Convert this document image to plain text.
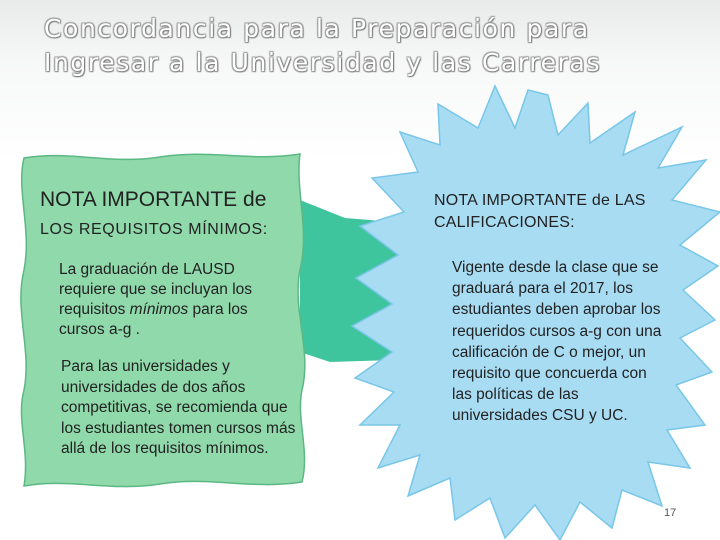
Concordancia para la Preparación para
Ingresar a la Universidad y las Carreras
NOTA IMPORTANTE de
LOS REQUISITOS MÍNIMOS:
La graduación de LAUSD requiere que se incluyan los requisitos mínimos para los cursos a-g .
Para las universidades y universidades de dos años competitivas, se recomienda que los estudiantes tomen cursos más allá de los requisitos mínimos.
NOTA IMPORTANTE de LAS CALIFICACIONES:
Vigente desde la clase que se graduará para el 2017, los estudiantes deben aprobar los requeridos cursos a-g con una calificación de C o mejor, un requisito que concuerda con las políticas de las universidades CSU y UC.
17
